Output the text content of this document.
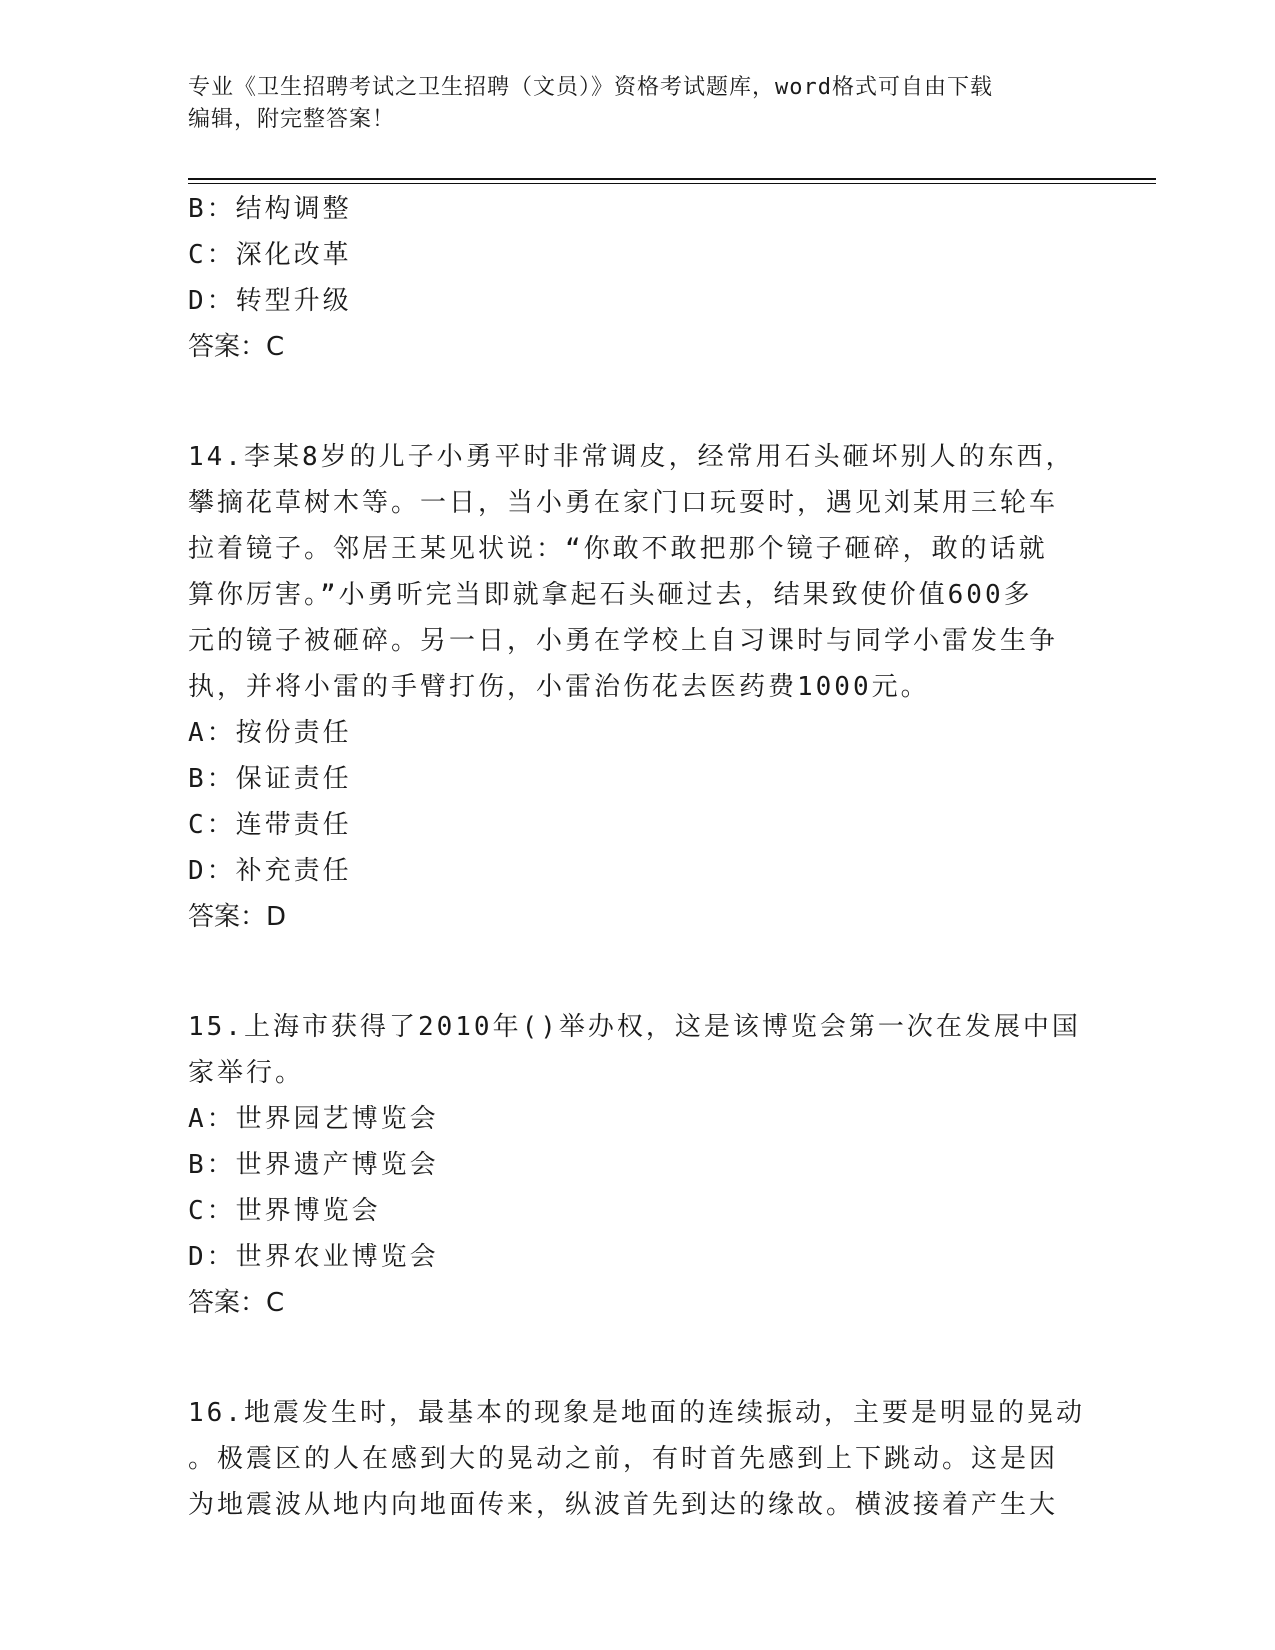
专业《卫生招聘考试之卫生招聘（文员）》资格考试题库，word格式可自由下载
编辑，附完整答案！
B：结构调整
C：深化改革
D：转型升级
答案：C
14.李某8岁的儿子小勇平时非常调皮，经常用石头砸坏别人的东西，
攀摘花草树木等。一日，当小勇在家门口玩耍时，遇见刘某用三轮车
拉着镜子。邻居王某见状说：“你敢不敢把那个镜子砸碎，敢的话就
算你厉害。”小勇听完当即就拿起石头砸过去，结果致使价值600多
元的镜子被砸碎。另一日，小勇在学校上自习课时与同学小雷发生争
执，并将小雷的手臂打伤，小雷治伤花去医药费1000元。
A：按份责任
B：保证责任
C：连带责任
D：补充责任
答案：D
15.上海市获得了2010年()举办权，这是该博览会第一次在发展中国
家举行。
A：世界园艺博览会
B：世界遗产博览会
C：世界博览会
D：世界农业博览会
答案：C
16.地震发生时，最基本的现象是地面的连续振动，主要是明显的晃动
。极震区的人在感到大的晃动之前，有时首先感到上下跳动。这是因
为地震波从地内向地面传来，纵波首先到达的缘故。横波接着产生大
